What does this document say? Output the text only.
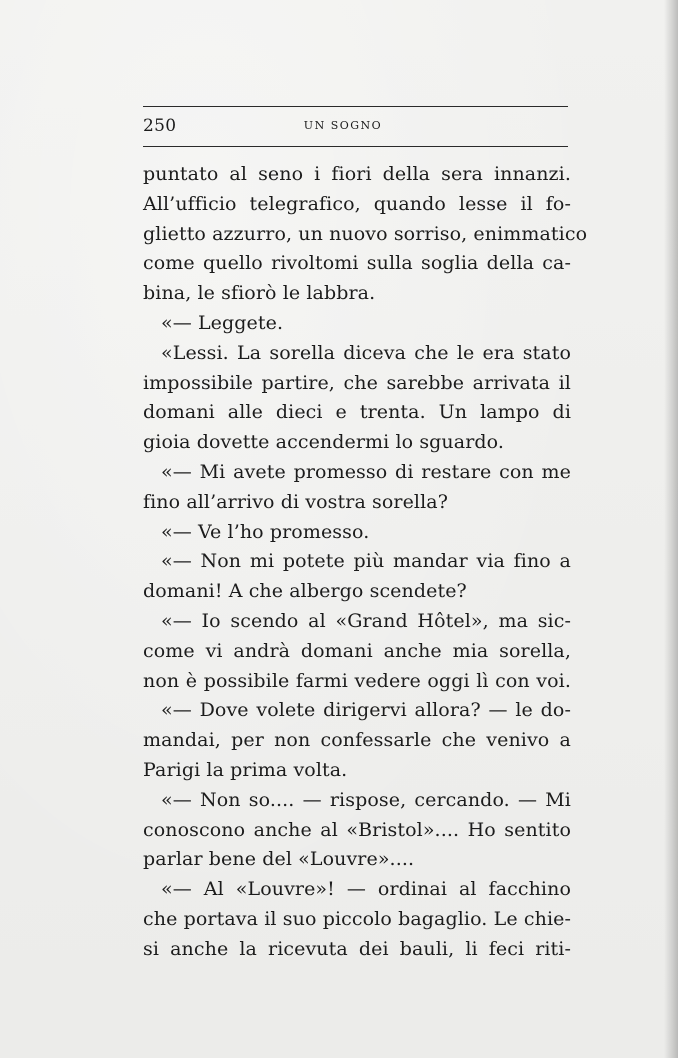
250	UN SOGNO
puntato al seno i fiori della sera innanzi.
All’ufficio telegrafico, quando lesse il fo-
glietto azzurro, un nuovo sorriso, enimmatico
come quello rivoltomi sulla soglia della ca-
bina, le sfiorò le labbra.
«— Leggete.
«Lessi. La sorella diceva che le era stato
impossibile partire, che sarebbe arrivata il
domani alle dieci e trenta. Un lampo di
gioia dovette accendermi lo sguardo.
«— Mi avete promesso di restare con me
fino all’arrivo di vostra sorella?
«— Ve l’ho promesso.
«— Non mi potete più mandar via fino a
domani! A che albergo scendete?
«— Io scendo al «Grand Hôtel», ma sic-
come vi andrà domani anche mia sorella,
non è possibile farmi vedere oggi lì con voi.
«— Dove volete dirigervi allora? — le do-
mandai, per non confessarle che venivo a
Parigi la prima volta.
«— Non so.... — rispose, cercando. — Mi
conoscono anche al «Bristol».... Ho sentito
parlar bene del «Louvre»....
«— Al «Louvre»! — ordinai al facchino
che portava il suo piccolo bagaglio. Le chie-
si anche la ricevuta dei bauli, li feci riti-
